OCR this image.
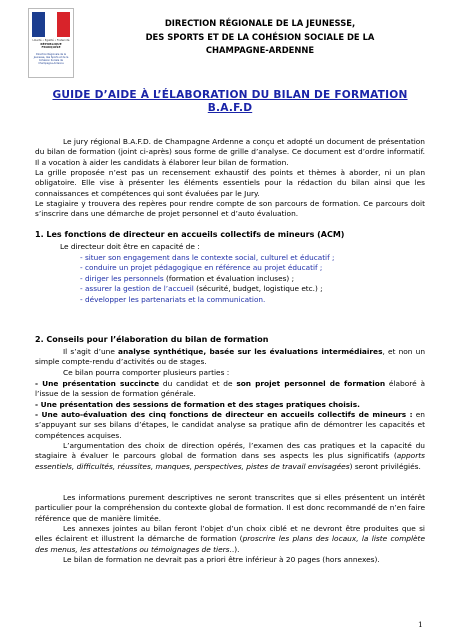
Liberté • Égalité • Fraternité
RÉPUBLIQUE FRANÇAISE
Direction Régionale de la Jeunesse, des Sports et de la Cohésion Sociale de Champagne-Ardenne
DIRECTION RÉGIONALE DE LA JEUNESSE,
DES SPORTS ET DE LA COHÉSION SOCIALE DE LA
CHAMPAGNE-ARDENNE
GUIDE D’AIDE À L’ÉLABORATION DU BILAN DE FORMATION
B.A.F.D
Le jury régional B.A.F.D. de Champagne Ardenne a conçu et adopté un document de présentation du bilan de formation (joint ci-après) sous forme de grille d’analyse. Ce document est d’ordre informatif. Il a vocation à aider les candidats à élaborer leur bilan de formation.
La grille proposée n’est pas un recensement exhaustif des points et thèmes à aborder, ni un plan obligatoire. Elle vise à présenter les éléments essentiels pour la rédaction du bilan ainsi que les connaissances et compétences qui sont évaluées par le Jury.
Le stagiaire y trouvera des repères pour rendre compte de son parcours de formation. Ce parcours doit s’inscrire dans une démarche de projet personnel et d’auto évaluation.
1. Les fonctions de directeur en accueils collectifs de mineurs (ACM)
Le directeur doit être en capacité de :
- situer son engagement dans le contexte social, culturel et éducatif ;
- conduire un projet pédagogique en référence au projet éducatif ;
- diriger les personnels (formation et évaluation incluses) ;
- assurer la gestion de l’accueil (sécurité, budget, logistique etc.) ;
- développer les partenariats et la communication.
2. Conseils pour l’élaboration du bilan de formation
Il s’agit d’une analyse synthétique, basée sur les évaluations intermédiaires, et non un simple compte-rendu d’activités ou de stages.
Ce bilan pourra comporter plusieurs parties :
- Une présentation succincte du candidat et de son projet personnel de formation élaboré à l’issue de la session de formation générale.
- Une présentation des sessions de formation et des stages pratiques choisis.
- Une auto-évaluation des cinq fonctions de directeur en accueils collectifs de mineurs : en s’appuyant sur ses bilans d’étapes, le candidat analyse sa pratique afin de démontrer les capacités et compétences acquises.
L’argumentation des choix de direction opérés, l’examen des cas pratiques et la capacité du stagiaire à évaluer le parcours global de formation dans ses aspects les plus significatifs (apports essentiels, difficultés, réussites, manques, perspectives, pistes de travail envisagées) seront privilégiés.
Les informations purement descriptives ne seront transcrites que si elles présentent un intérêt particulier pour la compréhension du contexte global de formation. Il est donc recommandé de n’en faire référence que de manière limitée.
Les annexes jointes au bilan feront l’objet d’un choix ciblé et ne devront être produites que si elles éclairent et illustrent la démarche de formation (proscrire les plans des locaux, la liste complète des menus, les attestations ou témoignages de tiers..).
Le bilan de formation ne devrait pas a priori être inférieur à 20 pages (hors annexes).
1
